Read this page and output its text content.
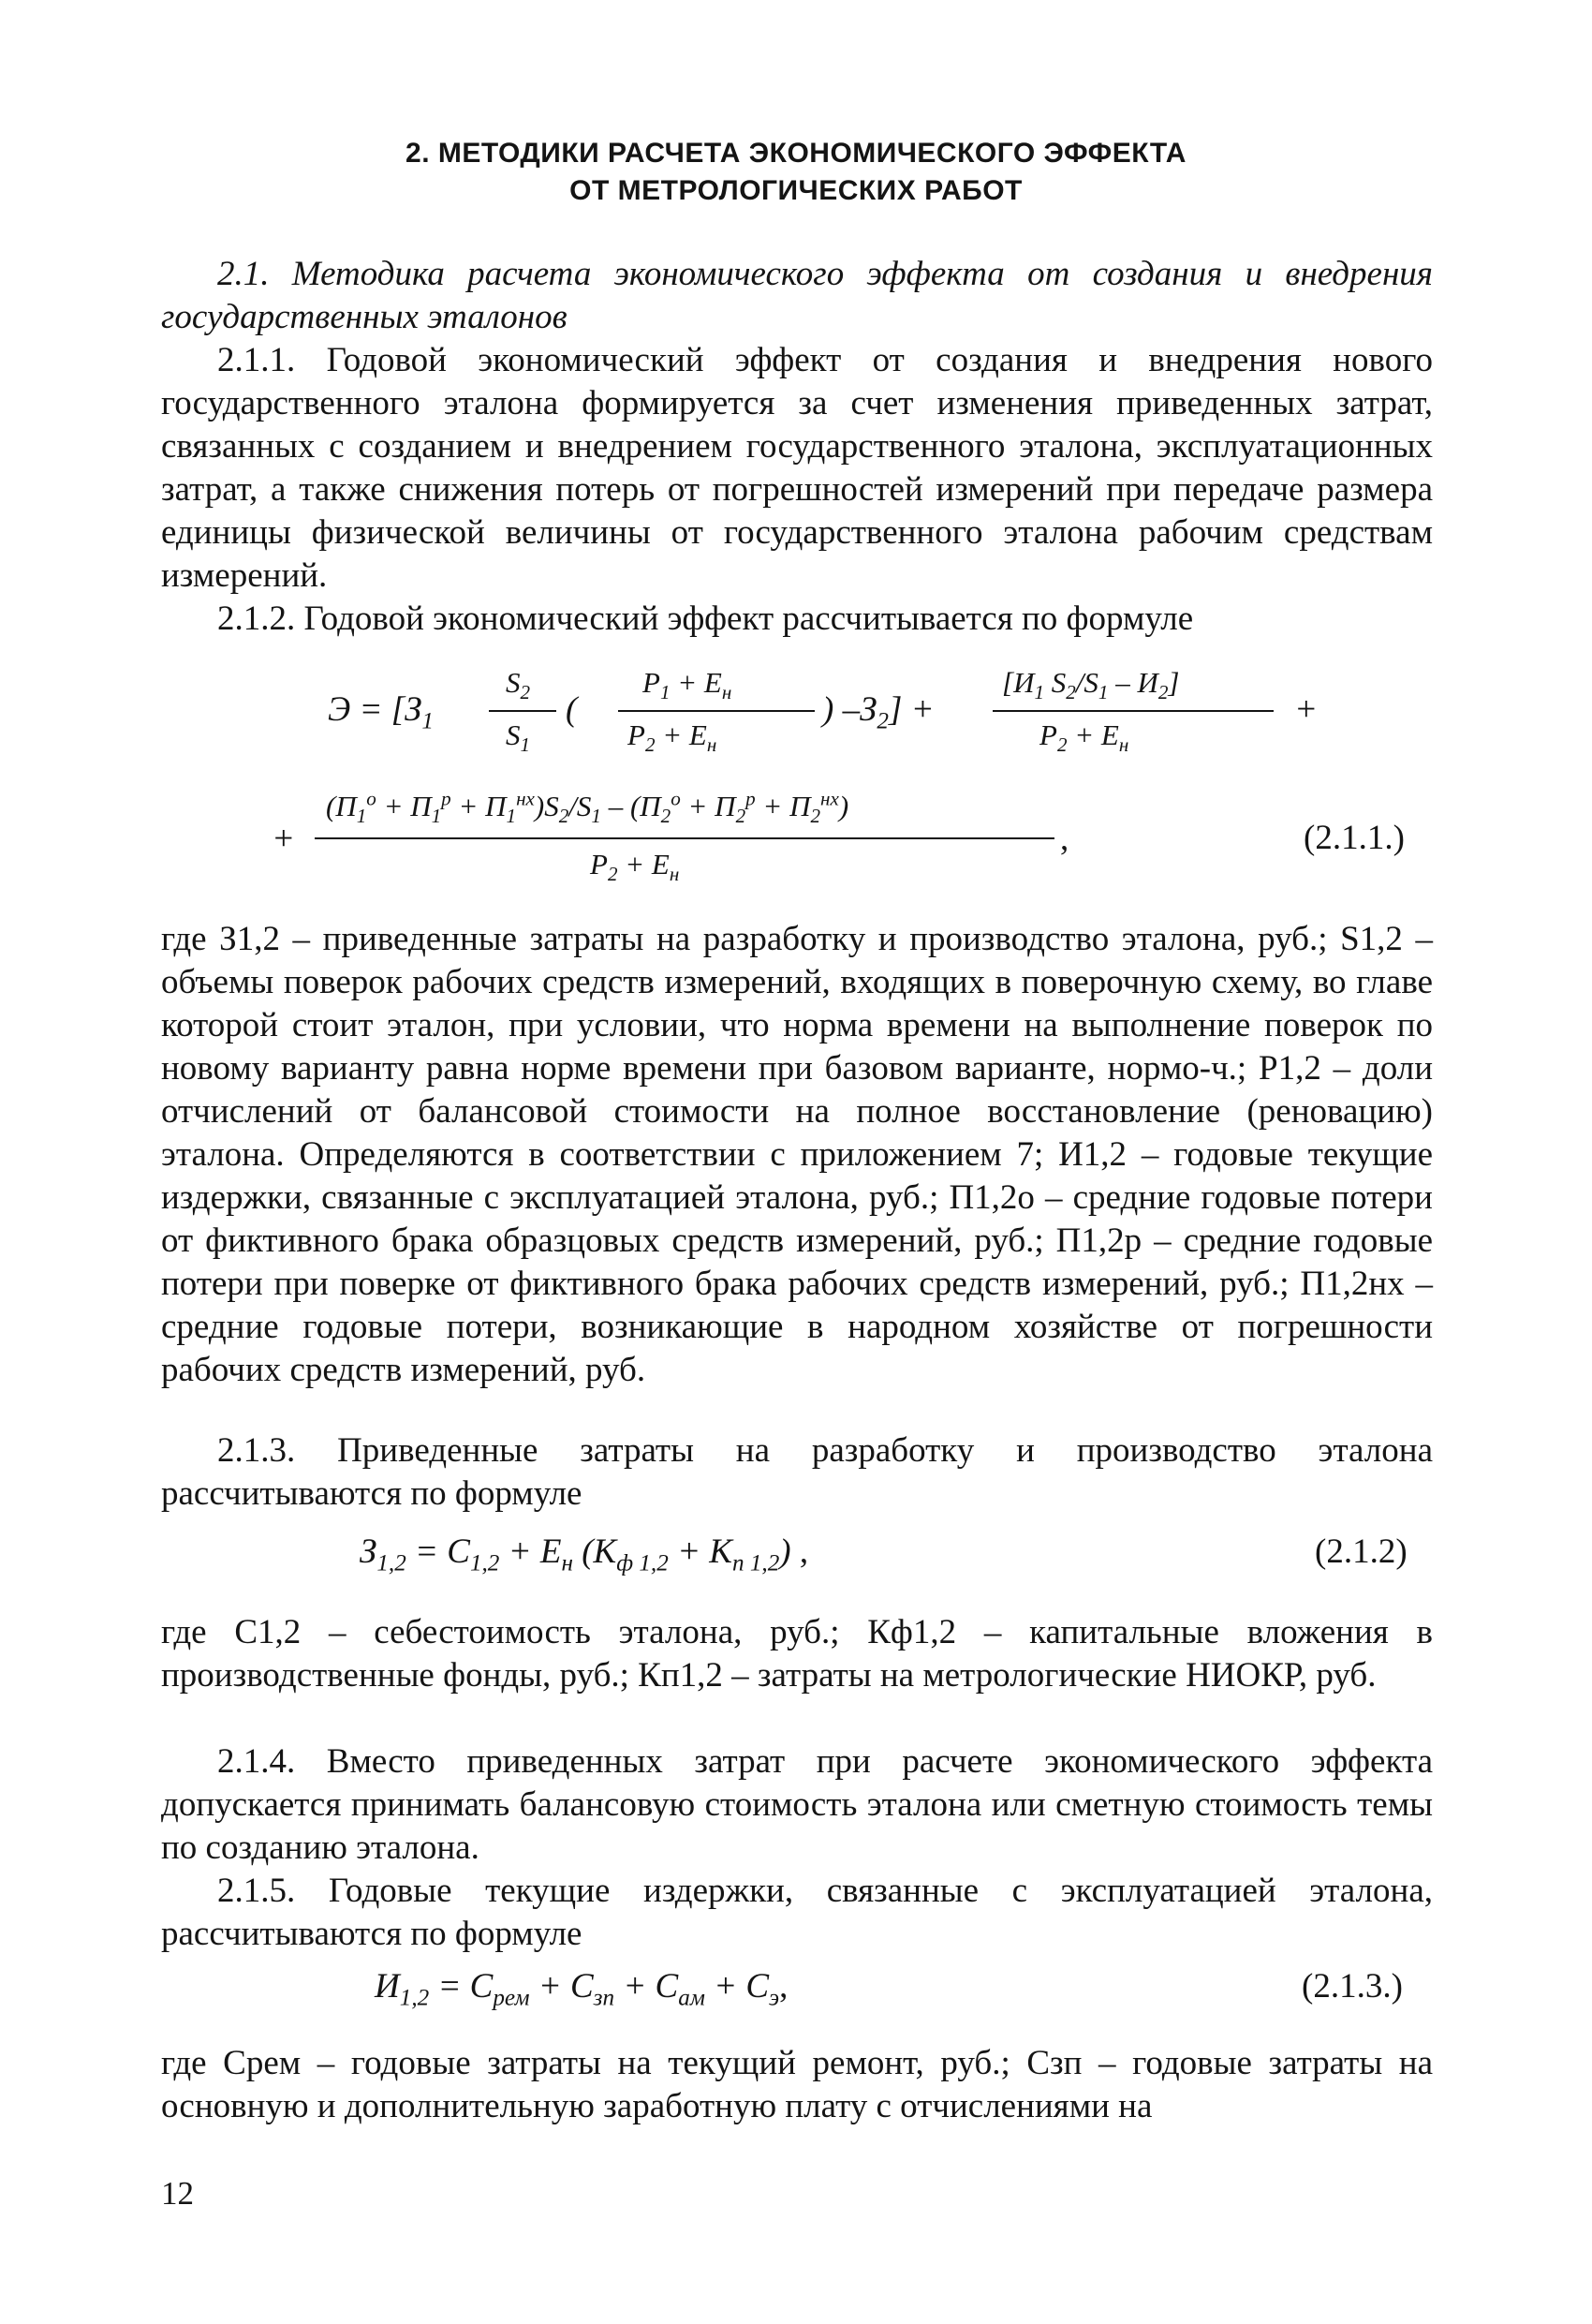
2. МЕТОДИКИ РАСЧЕТА ЭКОНОМИЧЕСКОГО ЭФФЕКТА
ОТ МЕТРОЛОГИЧЕСКИХ РАБОТ

2.1. Методика расчета экономического эффекта от создания и внедрения государственных эталонов

2.1.1. Годовой экономический эффект от создания и внедрения нового государственного эталона формируется за счет изменения приведенных затрат, связанных с созданием и внедрением государственного эталона, эксплуатационных затрат, а также снижения потерь от погрешностей измерений при передаче размера единицы физической величины от государственного эталона рабочим средствам измерений.

2.1.2. Годовой экономический эффект рассчитывается по формуле

$Э = [З_1$
$S_2$
$S_1$
(
$P_1 + E_н$
$P_2 + E_н$
) $-З_2$] +
[$И_1$ $S_2/S_1 - И_2$]
$P_2 + E_н$
+
+
$(П_1^о + П_1^р + П_1^{нх})S_2/S_1 - (П_2^о + П_2^р + П_2^{нх})$
$P_2 + E_н$
,	(2.1.1.)

где З1,2 – приведенные затраты на разработку и производство эталона, руб.; S1,2 – объемы поверок рабочих средств измерений, входящих в поверочную схему, во главе которой стоит эталон, при условии, что норма времени на выполнение поверок по новому варианту равна норме времени при базовом варианте, нормо-ч.; P1,2 – доли отчислений от балансовой стоимости на полное восстановление (реновацию) эталона. Определяются в соответствии с приложением 7; И1,2 – годовые текущие издержки, связанные с эксплуатацией эталона, руб.; П1,2о – средние годовые потери от фиктивного брака образцовых средств измерений, руб.; П1,2р – средние годовые потери при поверке от фиктивного брака рабочих средств измерений, руб.; П1,2нх – средние годовые потери, возникающие в народном хозяйстве от погрешности рабочих средств измерений, руб.

2.1.3. Приведенные затраты на разработку и производство эталона рассчитываются по формуле

$З_{1,2} = C_{1,2} + E_н$ $(K_{ф 1,2} + K_{п 1,2})$ ,	(2.1.2)

где C1,2 – себестоимость эталона, руб.; Кф1,2 – капитальные вложения в производственные фонды, руб.; Кп1,2 – затраты на метрологические НИОКР, руб.

2.1.4. Вместо приведенных затрат при расчете экономического эффекта допускается принимать балансовую стоимость эталона или сметную стоимость темы по созданию эталона.

2.1.5. Годовые текущие издержки, связанные с эксплуатацией эталона, рассчитываются по формуле

$И_{1,2} = C_{рем} + C_{зп} + C_{ам} + C_э$,	(2.1.3.)

где Cрем – годовые затраты на текущий ремонт, руб.; Cзп – годовые затраты на основную и дополнительную заработную плату с отчислениями на

12
